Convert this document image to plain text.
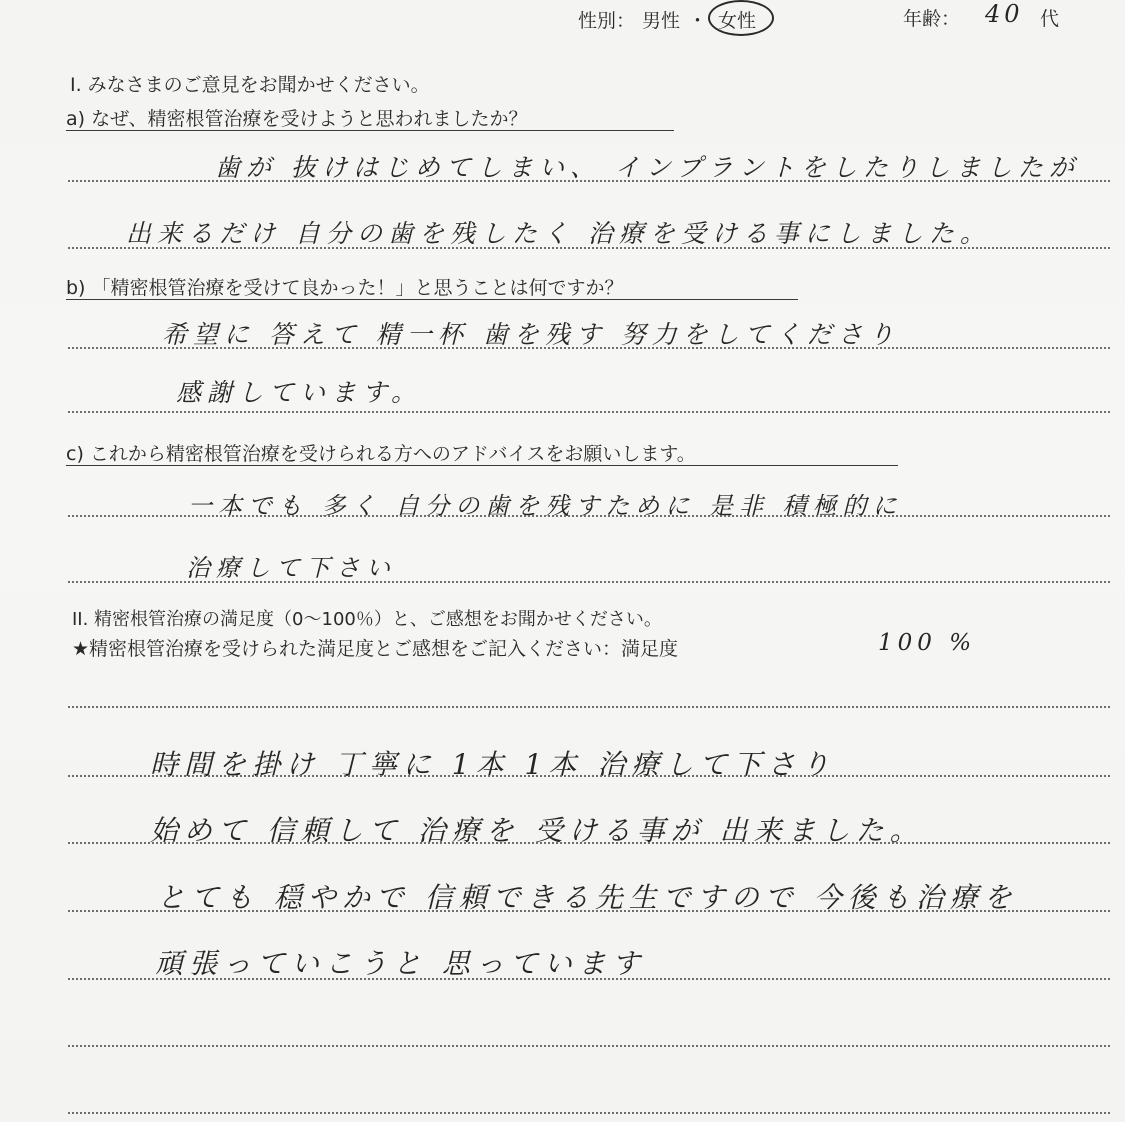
性別： 男性 ・ 女性	年齢： 40 代
I. みなさまのご意見をお聞かせください。
a) なぜ、精密根管治療を受けようと思われましたか？
歯が 抜けはじめてしまい、 インプラントをしたりしましたが
出来るだけ 自分の歯を残したく 治療を受ける事にしました。
b) 「精密根管治療を受けて良かった！」と思うことは何ですか？
希望に 答えて 精一杯 歯を残す 努力をしてくださり
感謝しています。
c) これから精密根管治療を受けられる方へのアドバイスをお願いします。
一本でも 多く 自分の歯を残すために 是非 積極的に
治療して下さい
II. 精密根管治療の満足度（0～100％）と、ご感想をお聞かせください。
★精密根管治療を受けられた満足度とご感想をご記入ください：満足度	100 %
時間を掛け 丁寧に 1本 1本 治療して下さり
始めて 信頼して 治療を 受ける事が 出来ました。
とても 穏やかで 信頼できる先生ですので 今後も治療を
頑張っていこうと 思っています
